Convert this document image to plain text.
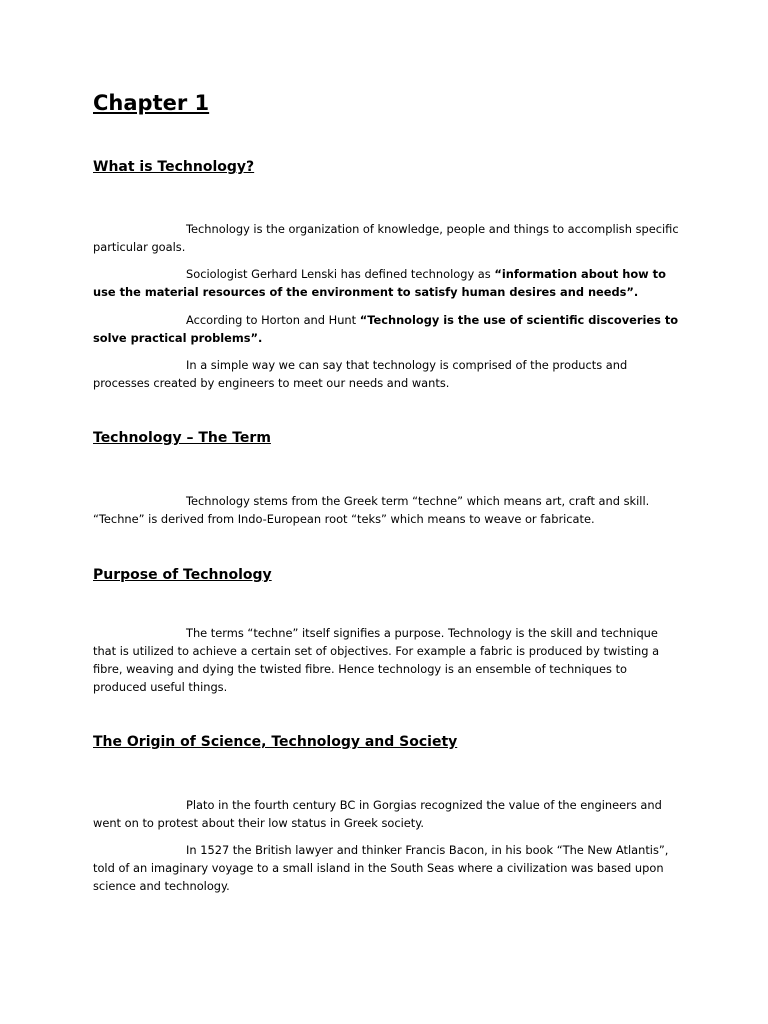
Chapter 1
What is Technology?

Technology is the organization of knowledge, people and things to accomplish specific particular goals.

Sociologist Gerhard Lenski has defined technology as “information about how to use the material resources of the environment to satisfy human desires and needs”.

According to Horton and Hunt “Technology is the use of scientific discoveries to solve practical problems”.

In a simple way we can say that technology is comprised of the products and processes created by engineers to meet our needs and wants.

Technology – The Term

Technology stems from the Greek term “techne” which means art, craft and skill. “Techne” is derived from Indo-European root “teks” which means to weave or fabricate.

Purpose of Technology

The terms “techne” itself signifies a purpose. Technology is the skill and technique that is utilized to achieve a certain set of objectives. For example a fabric is produced by twisting a fibre, weaving and dying the twisted fibre. Hence technology is an ensemble of techniques to produced useful things.

The Origin of Science, Technology and Society

Plato in the fourth century BC in Gorgias recognized the value of the engineers and went on to protest about their low status in Greek society.

In 1527 the British lawyer and thinker Francis Bacon, in his book “The New Atlantis”, told of an imaginary voyage to a small island in the South Seas where a civilization was based upon science and technology.
